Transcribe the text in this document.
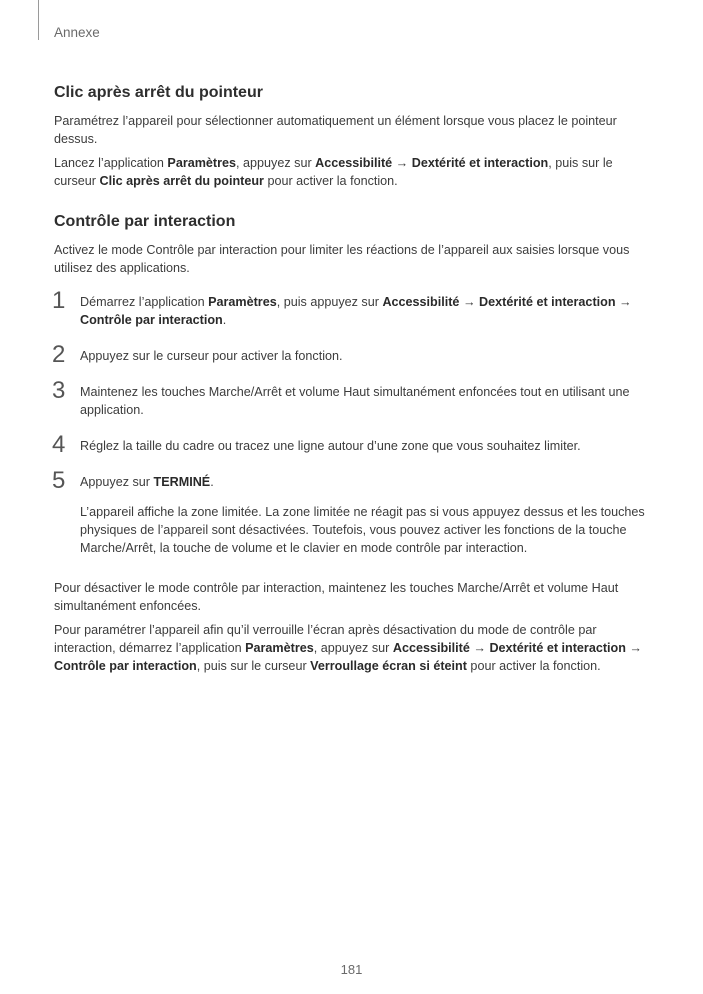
Annexe
Clic après arrêt du pointeur

Paramétrez l’appareil pour sélectionner automatiquement un élément lorsque vous placez le pointeur dessus.

Lancez l’application Paramètres, appuyez sur Accessibilité → Dextérité et interaction, puis sur le curseur Clic après arrêt du pointeur pour activer la fonction.

Contrôle par interaction

Activez le mode Contrôle par interaction pour limiter les réactions de l’appareil aux saisies lorsque vous utilisez des applications.

1 Démarrez l’application Paramètres, puis appuyez sur Accessibilité → Dextérité et interaction → Contrôle par interaction.

2 Appuyez sur le curseur pour activer la fonction.

3 Maintenez les touches Marche/Arrêt et volume Haut simultanément enfoncées tout en utilisant une application.

4 Réglez la taille du cadre ou tracez une ligne autour d’une zone que vous souhaitez limiter.

5 Appuyez sur TERMINÉ.

L’appareil affiche la zone limitée. La zone limitée ne réagit pas si vous appuyez dessus et les touches physiques de l’appareil sont désactivées. Toutefois, vous pouvez activer les fonctions de la touche Marche/Arrêt, la touche de volume et le clavier en mode contrôle par interaction.

Pour désactiver le mode contrôle par interaction, maintenez les touches Marche/Arrêt et volume Haut simultanément enfoncées.

Pour paramétrer l’appareil afin qu’il verrouille l’écran après désactivation du mode de contrôle par interaction, démarrez l’application Paramètres, appuyez sur Accessibilité → Dextérité et interaction → Contrôle par interaction, puis sur le curseur Verroullage écran si éteint pour activer la fonction.

181
